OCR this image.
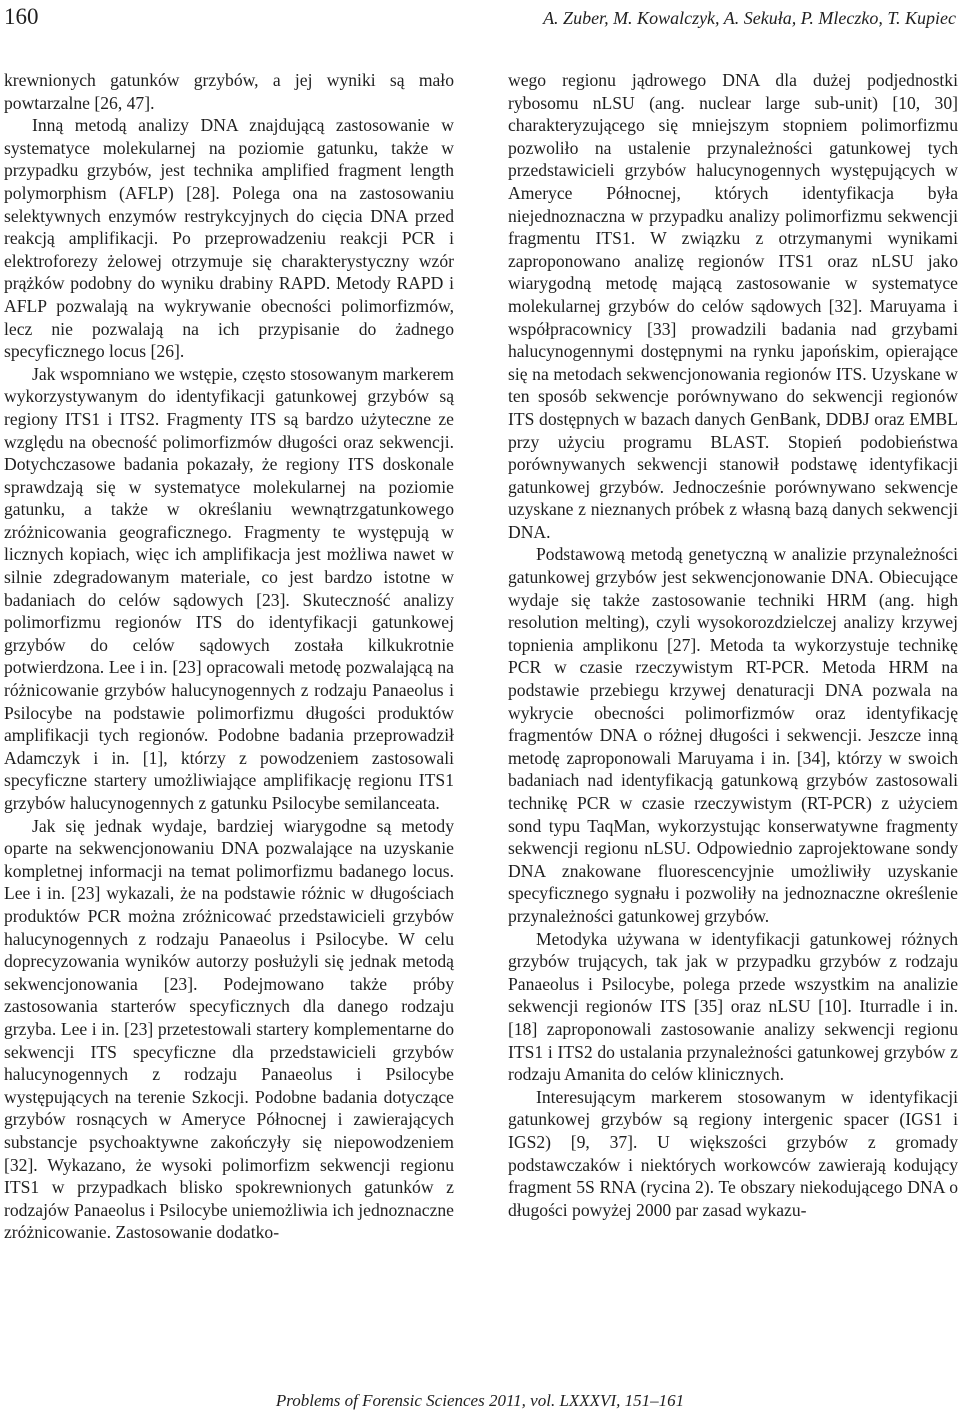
160	A. Zuber, M. Kowalczyk, A. Sekuła, P. Mleczko, T. Kupiec

krewnionych gatunków grzybów, a jej wyniki są mało powtarzalne [26, 47].

Inną metodą analizy DNA znajdującą zastosowanie w systematyce molekularnej na poziomie gatunku, także w przypadku grzybów, jest technika amplified fragment length polymorphism (AFLP) [28]. Polega ona na zastosowaniu selektywnych enzymów restrykcyjnych do cięcia DNA przed reakcją amplifikacji. Po przeprowadzeniu reakcji PCR i elektroforezy żelowej otrzymuje się charakterystyczny wzór prążków podobny do wyniku drabiny RAPD. Metody RAPD i AFLP pozwalają na wykrywanie obecności polimorfizmów, lecz nie pozwalają na ich przypisanie do żadnego specyficznego locus [26].

Jak wspomniano we wstępie, często stosowanym markerem wykorzystywanym do identyfikacji gatunkowej grzybów są regiony ITS1 i ITS2. Fragmenty ITS są bardzo użyteczne ze względu na obecność polimorfizmów długości oraz sekwencji. Dotychczasowe badania pokazały, że regiony ITS doskonale sprawdzają się w systematyce molekularnej na poziomie gatunku, a także w określaniu wewnątrzgatunkowego zróżnicowania geograficznego. Fragmenty te występują w licznych kopiach, więc ich amplifikacja jest możliwa nawet w silnie zdegradowanym materiale, co jest bardzo istotne w badaniach do celów sądowych [23]. Skuteczność analizy polimorfizmu regionów ITS do identyfikacji gatunkowej grzybów do celów sądowych została kilkukrotnie potwierdzona. Lee i in. [23] opracowali metodę pozwalającą na różnicowanie grzybów halucynogennych z rodzaju Panaeolus i Psilocybe na podstawie polimorfizmu długości produktów amplifikacji tych regionów. Podobne badania przeprowadził Adamczyk i in. [1], którzy z powodzeniem zastosowali specyficzne startery umożliwiające amplifikację regionu ITS1 grzybów halucynogennych z gatunku Psilocybe semilanceata.

Jak się jednak wydaje, bardziej wiarygodne są metody oparte na sekwencjonowaniu DNA pozwalające na uzyskanie kompletnej informacji na temat polimorfizmu badanego locus. Lee i in. [23] wykazali, że na podstawie różnic w długościach produktów PCR można zróżnicować przedstawicieli grzybów halucynogennych z rodzaju Panaeolus i Psilocybe. W celu doprecyzowania wyników autorzy posłużyli się jednak metodą sekwencjonowania [23]. Podejmowano także próby zastosowania starterów specyficznych dla danego rodzaju grzyba. Lee i in. [23] przetestowali startery komplementarne do sekwencji ITS specyficzne dla przedstawicieli grzybów halucynogennych z rodzaju Panaeolus i Psilocybe występujących na terenie Szkocji. Podobne badania dotyczące grzybów rosnących w Ameryce Północnej i zawierających substancje psychoaktywne zakończyły się niepowodzeniem [32]. Wykazano, że wysoki polimorfizm sekwencji regionu ITS1 w przypadkach blisko spokrewnionych gatunków z rodzajów Panaeolus i Psilocybe uniemożliwia ich jednoznaczne zróżnicowanie. Zastosowanie dodatko-

wego regionu jądrowego DNA dla dużej podjednostki rybosomu nLSU (ang. nuclear large sub-unit) [10, 30] charakteryzującego się mniejszym stopniem polimorfizmu pozwoliło na ustalenie przynależności gatunkowej tych przedstawicieli grzybów halucynogennych występujących w Ameryce Północnej, których identyfikacja była niejednoznaczna w przypadku analizy polimorfizmu sekwencji fragmentu ITS1. W związku z otrzymanymi wynikami zaproponowano analizę regionów ITS1 oraz nLSU jako wiarygodną metodę mającą zastosowanie w systematyce molekularnej grzybów do celów sądowych [32]. Maruyama i współpracownicy [33] prowadzili badania nad grzybami halucynogennymi dostępnymi na rynku japońskim, opierające się na metodach sekwencjonowania regionów ITS. Uzyskane w ten sposób sekwencje porównywano do sekwencji regionów ITS dostępnych w bazach danych GenBank, DDBJ oraz EMBL przy użyciu programu BLAST. Stopień podobieństwa porównywanych sekwencji stanowił podstawę identyfikacji gatunkowej grzybów. Jednocześnie porównywano sekwencje uzyskane z nieznanych próbek z własną bazą danych sekwencji DNA.

Podstawową metodą genetyczną w analizie przynależności gatunkowej grzybów jest sekwencjonowanie DNA. Obiecujące wydaje się także zastosowanie techniki HRM (ang. high resolution melting), czyli wysokorozdzielczej analizy krzywej topnienia amplikonu [27]. Metoda ta wykorzystuje technikę PCR w czasie rzeczywistym RT-PCR. Metoda HRM na podstawie przebiegu krzywej denaturacji DNA pozwala na wykrycie obecności polimorfizmów oraz identyfikację fragmentów DNA o różnej długości i sekwencji. Jeszcze inną metodę zaproponowali Maruyama i in. [34], którzy w swoich badaniach nad identyfikacją gatunkową grzybów zastosowali technikę PCR w czasie rzeczywistym (RT-PCR) z użyciem sond typu TaqMan, wykorzystując konserwatywne fragmenty sekwencji regionu nLSU. Odpowiednio zaprojektowane sondy DNA znakowane fluorescencyjnie umożliwiły uzyskanie specyficznego sygnału i pozwoliły na jednoznaczne określenie przynależności gatunkowej grzybów.

Metodyka używana w identyfikacji gatunkowej różnych grzybów trujących, tak jak w przypadku grzybów z rodzaju Panaeolus i Psilocybe, polega przede wszystkim na analizie sekwencji regionów ITS [35] oraz nLSU [10]. Iturradle i in. [18] zaproponowali zastosowanie analizy sekwencji regionu ITS1 i ITS2 do ustalania przynależności gatunkowej grzybów z rodzaju Amanita do celów klinicznych.

Interesującym markerem stosowanym w identyfikacji gatunkowej grzybów są regiony intergenic spacer (IGS1 i IGS2) [9, 37]. U większości grzybów z gromady podstawczaków i niektórych workowców zawierają kodujący fragment 5S RNA (rycina 2). Te obszary niekodującego DNA o długości powyżej 2000 par zasad wykazu-

Problems of Forensic Sciences 2011, vol. LXXXVI, 151–161
